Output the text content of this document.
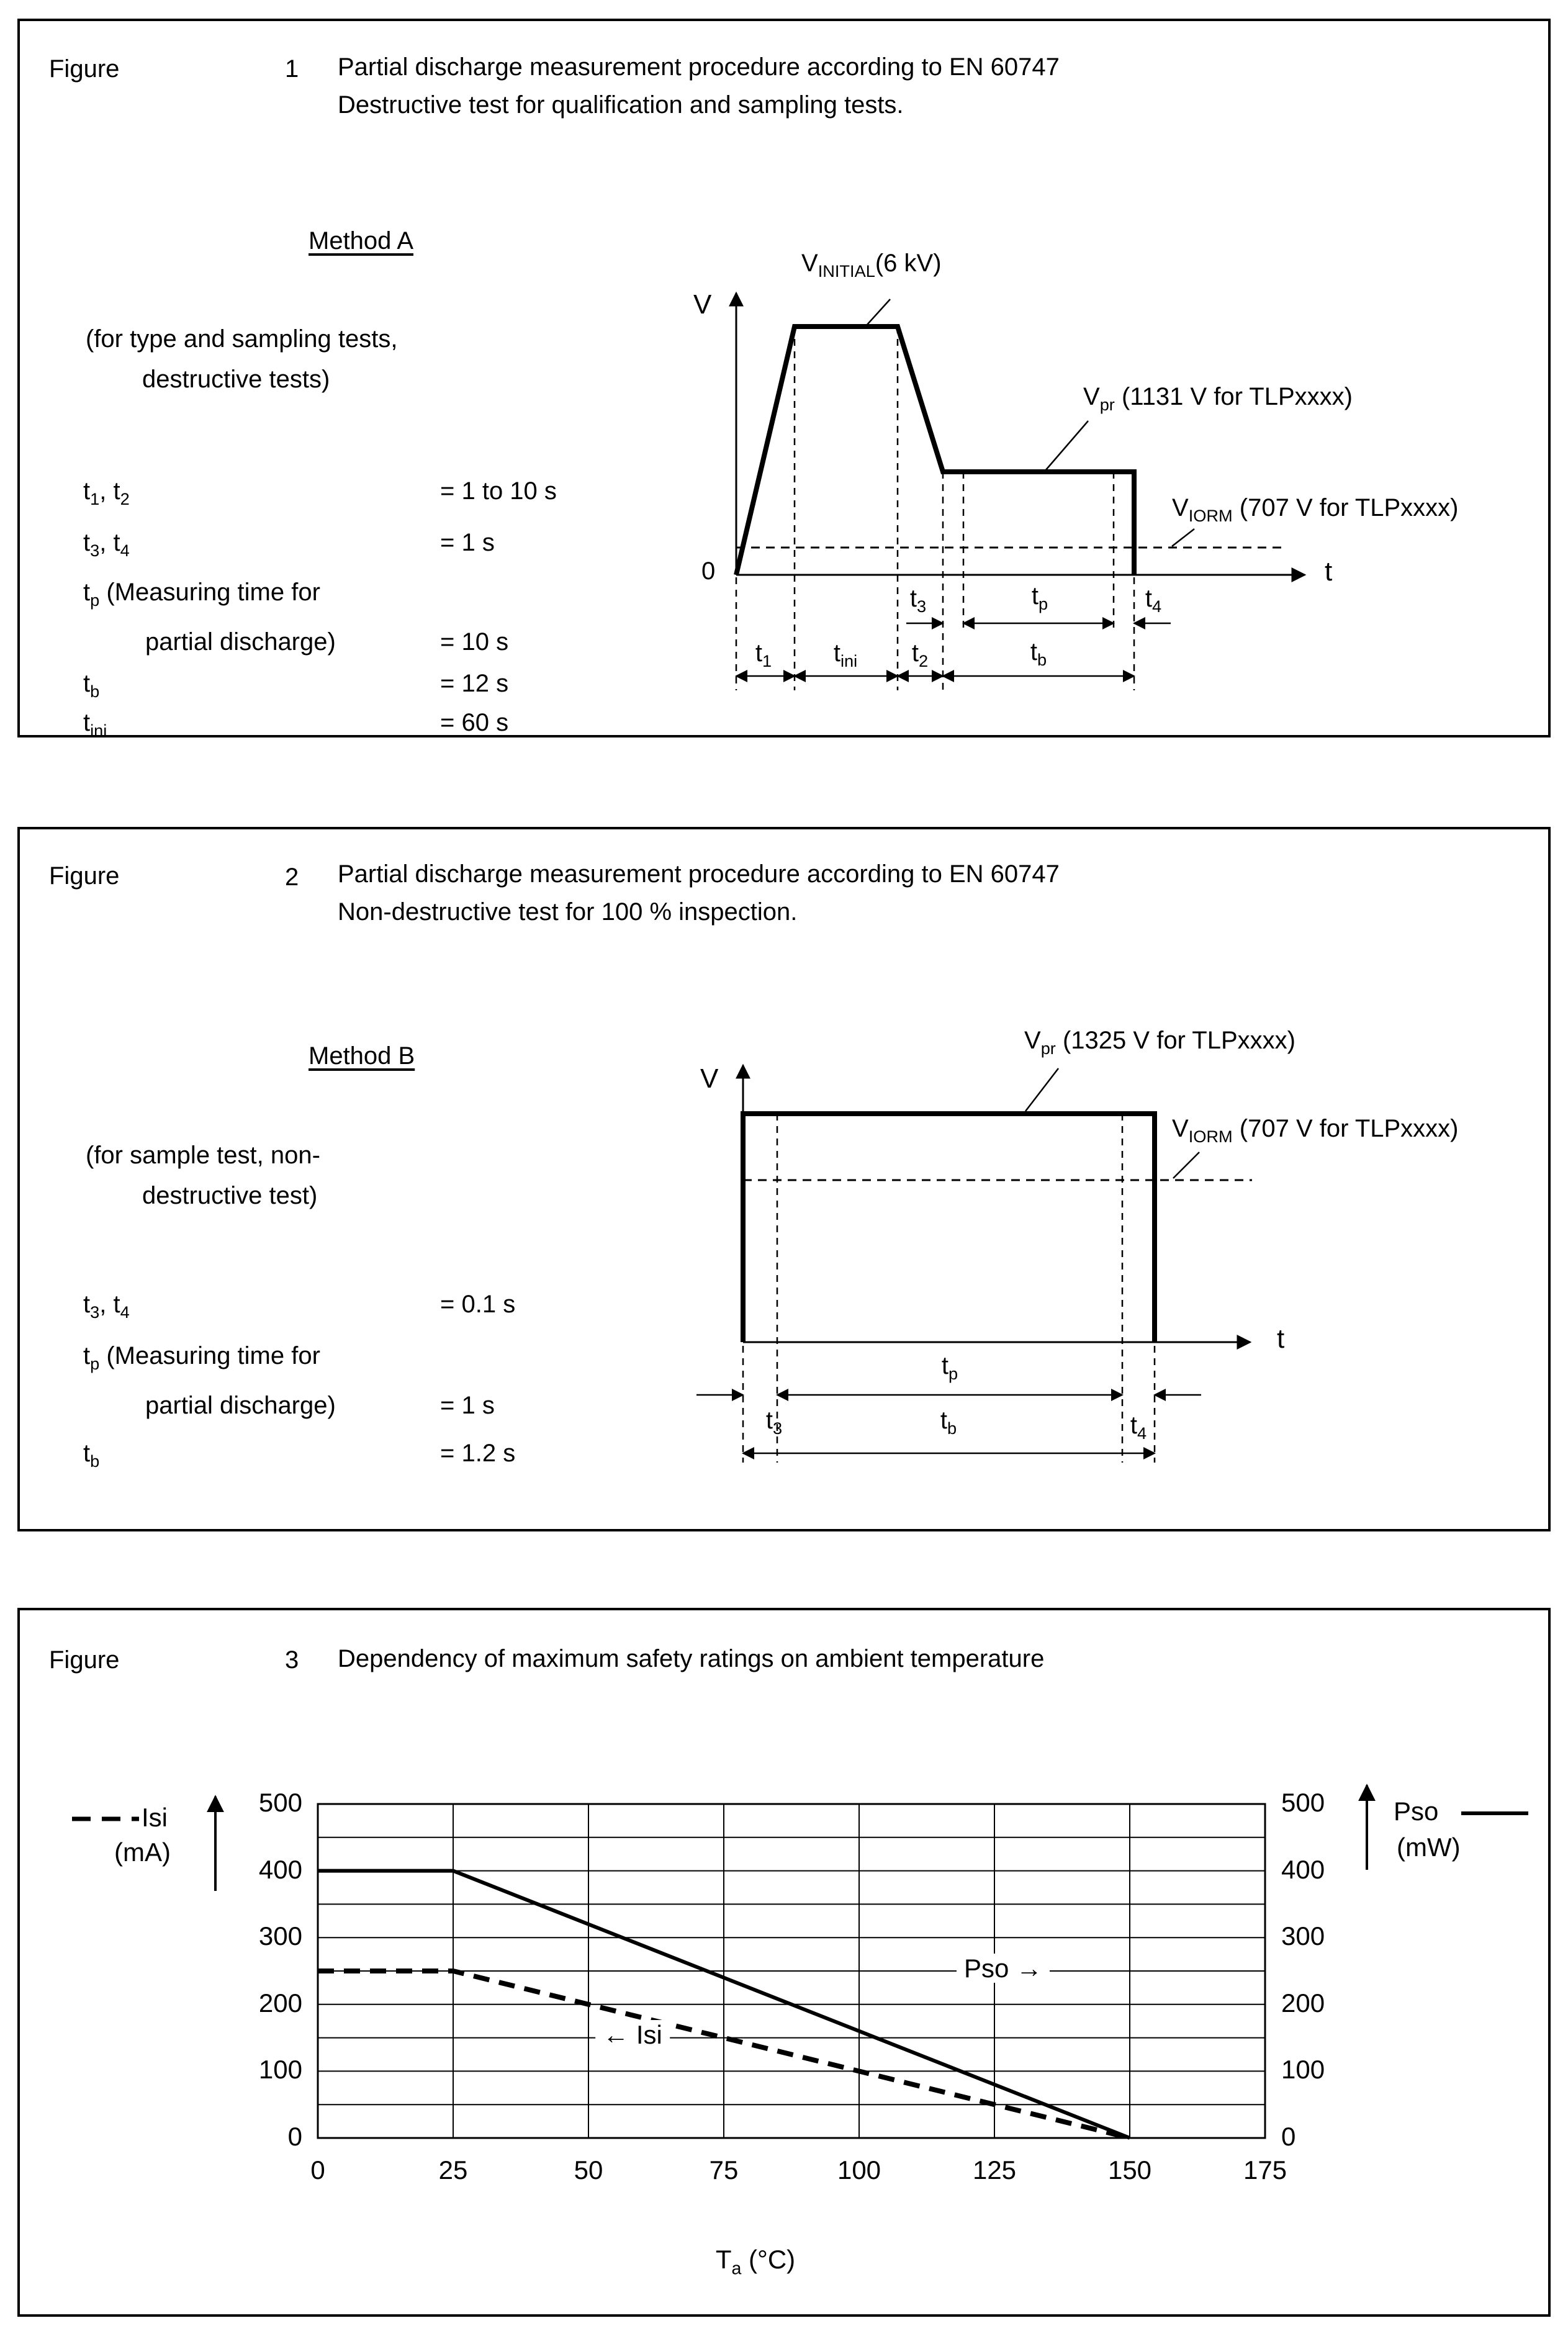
Figure	1 Partial discharge measurement procedure according to EN 60747
Destructive test for qualification and sampling tests.
Method A
(for type and sampling tests,
destructive tests)
$t_1$, $t_2$	= 1 to 10 s
$t_3$, $t_4$	= 1 s
$t_p$ (Measuring time for
partial discharge)	= 10 s
$t_b$	= 12 s
$t_{ini}$	= 60 s
V
0	t
$V_{INITIAL}(6$ kV)
$V_{pr}$ (1131 V for TLPxxxx)
$V_{IORM}$ (707 V for TLPxxxx)
$t_3$	$t_p$	$t_4$
$t_1$ $t_{ini}$ $t_2$	$t_b$
Figure	2 Partial discharge measurement procedure according to EN 60747
Non-destructive test for 100 % inspection.
Method B
(for sample test, non-
destructive test)
$t_3$, $t_4$	= 0.1 s
$t_p$ (Measuring time for
partial discharge)	= 1 s
$t_b$	= 1.2 s
V
t
$V_{pr}$ (1325 V for TLPxxxx)
$V_{IORM}$ (707 V for TLPxxxx)
$t_p$
$t_3$	$t_b$	$t_4$
Figure	3 Dependency of maximum safety ratings on ambient temperature
Isi
(mA)
Pso
(mW)
500
400
300
200
100
0
500
400
300
200
100
0
0	25	50	75	100	125	150	175
$T_a$ (°C)
← Isi
Pso →
